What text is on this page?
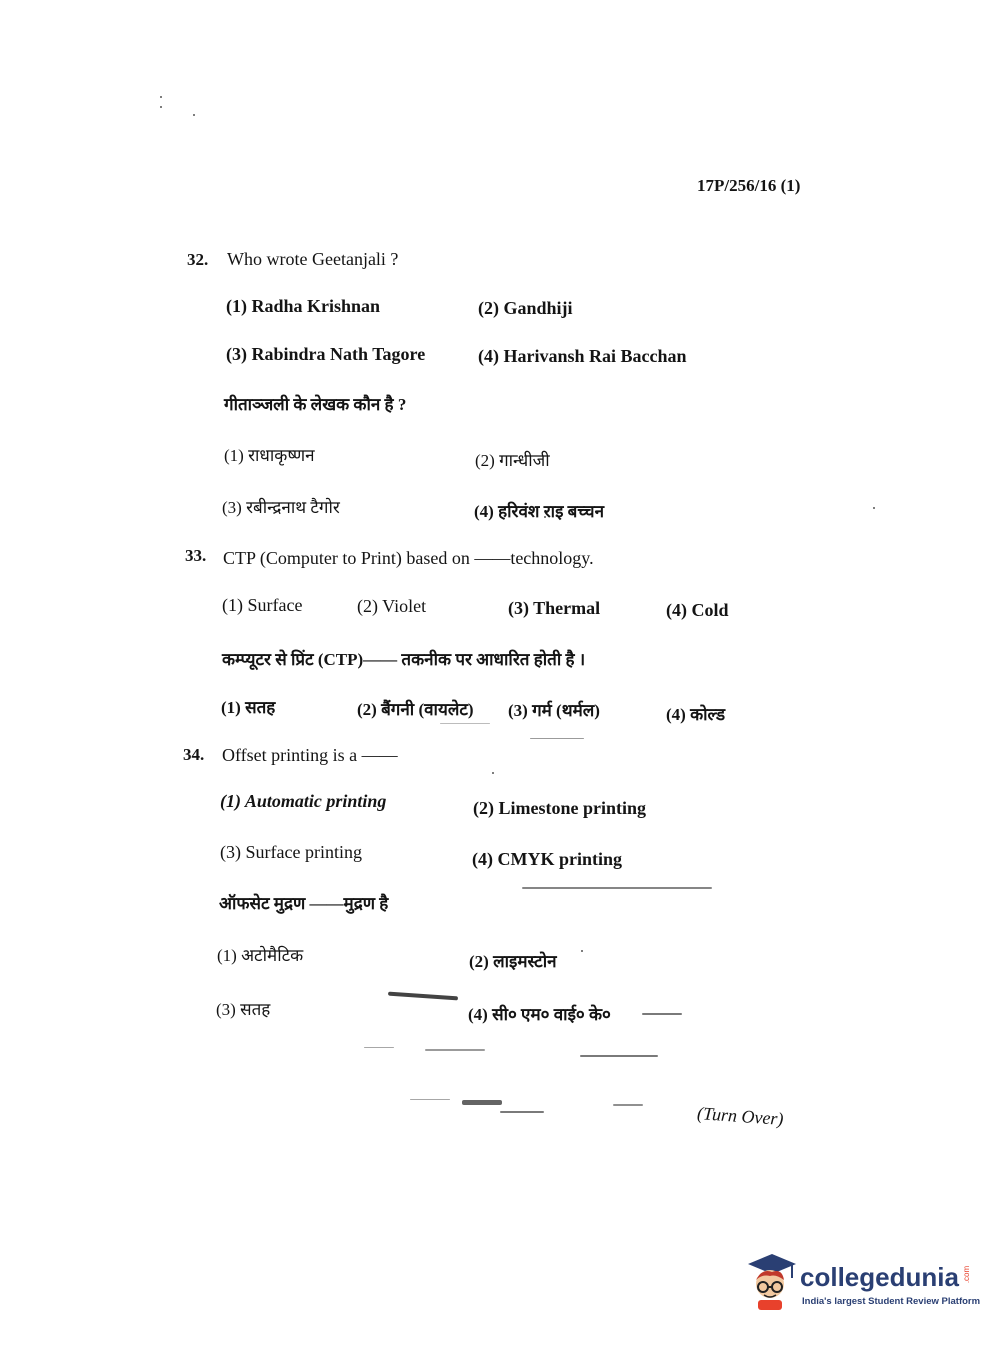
17P/256/16 (1)
32. Who wrote Geetanjali ?
(1) Radha Krishnan	(2) Gandhiji
(3) Rabindra Nath Tagore	(4) Harivansh Rai Bacchan
गीताञ्जली के लेखक कौन है ?
(1) राधाकृष्णन	(2) गान्धीजी
(3) रबीन्द्रनाथ टैगोर	(4) हरिवंश राइ बच्चन
33. CTP (Computer to Print) based on ——technology.
(1) Surface	(2) Violet	(3) Thermal	(4) Cold
कम्प्यूटर से प्रिंट (CTP)—— तकनीक पर आधारित होती है ।
(1) सतह	(2) बैंगनी (वायलेट) (3) गर्म (थर्मल)	(4) कोल्ड
34. Offset printing is a ——
(1) Automatic printing	(2) Limestone printing
(3) Surface printing	(4) CMYK printing
ऑफसेट मुद्रण ——मुद्रण है
(1) अटोमैटिक	(2) लाइमस्टोन
(3) सतह	(4) सी० एम० वाई० के०
(Turn Over)
collegedunia .com
India's largest Student Review Platform
